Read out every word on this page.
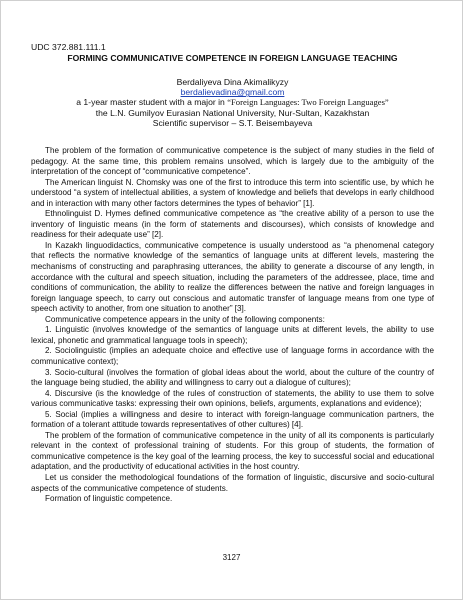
UDC 372.881.111.1
FORMING COMMUNICATIVE COMPETENCE IN FOREIGN LANGUAGE TEACHING
Berdaliyeva Dina Akimalikyzy
berdalievadina@gmail.com
a 1-year master student with a major in “Foreign Languages: Two Foreign Languages”
the L.N. Gumilyov Eurasian National University, Nur-Sultan, Kazakhstan
Scientific supervisor – S.T. Beisembayeva

The problem of the formation of communicative competence is the subject of many studies in the field of pedagogy. At the same time, this problem remains unsolved, which is largely due to the ambiguity of the interpretation of the concept of “communicative competence”.

The American linguist N. Chomsky was one of the first to introduce this term into scientific use, by which he understood “a system of intellectual abilities, a system of knowledge and beliefs that develops in early childhood and in interaction with many other factors determines the types of behavior” [1].

Ethnolinguist D. Hymes defined communicative competence as “the creative ability of a person to use the inventory of linguistic means (in the form of statements and discourses), which consists of knowledge and readiness for their adequate use” [2].

In Kazakh linguodidactics, communicative competence is usually understood as “a phenomenal category that reflects the normative knowledge of the semantics of language units at different levels, mastering the mechanisms of constructing and paraphrasing utterances, the ability to generate a discourse of any length, in accordance with the cultural and speech situation, including the parameters of the addressee, place, time and conditions of communication, the ability to realize the differences between the native and foreign languages in foreign language speech, to carry out conscious and automatic transfer of language means from one type of speech activity to another, from one situation to another” [3].

Communicative competence appears in the unity of the following components:

1. Linguistic (involves knowledge of the semantics of language units at different levels, the ability to use lexical, phonetic and grammatical language tools in speech);

2. Sociolinguistic (implies an adequate choice and effective use of language forms in accordance with the communicative context);

3. Socio-cultural (involves the formation of global ideas about the world, about the culture of the country of the language being studied, the ability and willingness to carry out a dialogue of cultures);

4. Discursive (is the knowledge of the rules of construction of statements, the ability to use them to solve various communicative tasks: expressing their own opinions, beliefs, arguments, explanations and evidence);

5. Social (implies a willingness and desire to interact with foreign-language communication partners, the formation of a tolerant attitude towards representatives of other cultures) [4].

The problem of the formation of communicative competence in the unity of all its components is particularly relevant in the context of professional training of students. For this group of students, the formation of communicative competence is the key goal of the learning process, the key to successful social and educational adaptation, and the productivity of educational activities in the host country.

Let us consider the methodological foundations of the formation of linguistic, discursive and socio-cultural aspects of the communicative competence of students.

Formation of linguistic competence.

3127
